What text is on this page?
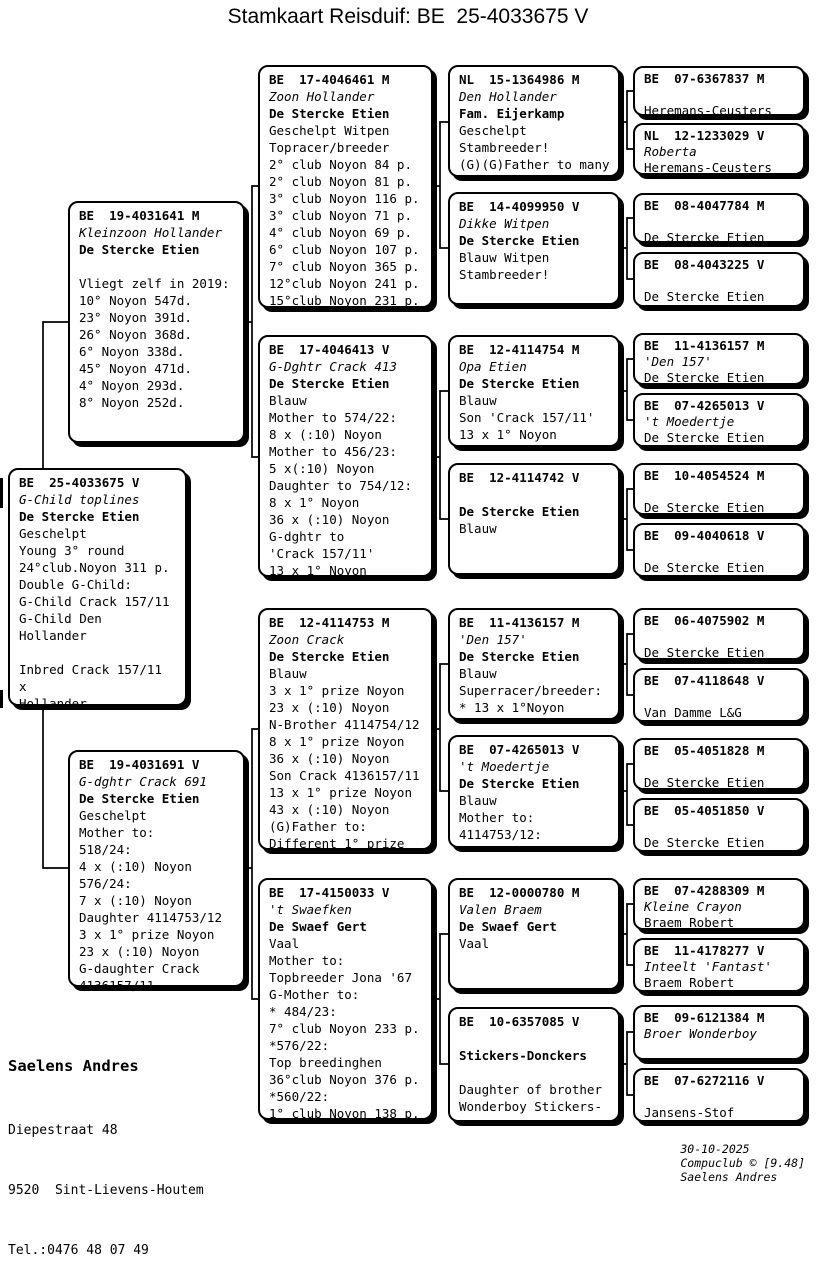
Stamkaart Reisduif: BE  25-4033675 V
BE  25-4033675 V
G-Child toplines
De Stercke Etien
Geschelpt
Young 3° round
24°club.Noyon 311 p.
Double G-Child:
G-Child Crack 157/11
G-Child Den
Hollander
Inbred Crack 157/11
x
Hollander -
BE  19-4031641 M
Kleinzoon Hollander
De Stercke Etien
Vliegt zelf in 2019:
10° Noyon 547d.
23° Noyon 391d.
26° Noyon 368d.
6° Noyon 338d.
45° Noyon 471d.
4° Noyon 293d.
8° Noyon 252d.
BE  19-4031691 V
G-dghtr Crack 691
De Stercke Etien
Geschelpt
Mother to:
518/24:
4 x (:10) Noyon
576/24:
7 x (:10) Noyon
Daughter 4114753/12
3 x 1° prize Noyon
23 x (:10) Noyon
G-daughter Crack
4136157/11
BE  17-4046461 M
Zoon Hollander
De Stercke Etien
Geschelpt Witpen
Topracer/breeder
2° club Noyon 84 p.
2° club Noyon 81 p.
3° club Noyon 116 p.
3° club Noyon 71 p.
4° club Noyon 69 p.
6° club Noyon 107 p.
7° club Noyon 365 p.
12°club Noyon 241 p.
15°club Noyon 231 p.
BE  17-4046413 V
G-Dghtr Crack 413
De Stercke Etien
Blauw
Mother to 574/22:
8 x (:10) Noyon
Mother to 456/23:
5 x(:10) Noyon
Daughter to 754/12:
8 x 1° Noyon
36 x (:10) Noyon
G-dghtr to
'Crack 157/11'
13 x 1° Noyon
BE  12-4114753 M
Zoon Crack
De Stercke Etien
Blauw
3 x 1° prize Noyon
23 x (:10) Noyon
N-Brother 4114754/12
8 x 1° prize Noyon
36 x (:10) Noyon
Son Crack 4136157/11
13 x 1° prize Noyon
43 x (:10) Noyon
(G)Father to:
Different 1° prize
BE  17-4150033 V
't Swaefken
De Swaef Gert
Vaal
Mother to:
Topbreeder Jona '67
G-Mother to:
* 484/23:
7° club Noyon 233 p.
*576/22:
Top breedinghen
36°club Noyon 376 p.
*560/22:
1° club Noyon 138 p.
NL  15-1364986 M
Den Hollander
Fam. Eijerkamp
Geschelpt
Stambreeder!
(G)(G)Father to many
BE  14-4099950 V
Dikke Witpen
De Stercke Etien
Blauw Witpen
Stambreeder!
BE  12-4114754 M
Opa Etien
De Stercke Etien
Blauw
Son 'Crack 157/11'
13 x 1° Noyon
BE  12-4114742 V
De Stercke Etien
Blauw
BE  11-4136157 M
'Den 157'
De Stercke Etien
Blauw
Superracer/breeder:
* 13 x 1°Noyon
BE  07-4265013 V
't Moedertje
De Stercke Etien
Blauw
Mother to:
4114753/12:
BE  12-0000780 M
Valen Braem
De Swaef Gert
Vaal
BE  10-6357085 V
Stickers-Donckers
Daughter of brother
Wonderboy Stickers-
BE  07-6367837 M
Heremans-Ceusters
NL  12-1233029 V
Roberta
Heremans-Ceusters
BE  08-4047784 M
De Stercke Etien
BE  08-4043225 V
De Stercke Etien
BE  11-4136157 M
'Den 157'
De Stercke Etien
BE  07-4265013 V
't Moedertje
De Stercke Etien
BE  10-4054524 M
De Stercke Etien
BE  09-4040618 V
De Stercke Etien
BE  06-4075902 M
De Stercke Etien
BE  07-4118648 V
Van Damme L&G
BE  05-4051828 M
De Stercke Etien
BE  05-4051850 V
De Stercke Etien
BE  07-4288309 M
Kleine Crayon
Braem Robert
BE  11-4178277 V
Inteelt 'Fantast'
Braem Robert
BE  09-6121384 M
Broer Wonderboy
BE  07-6272116 V
Jansens-Stof

Saelens Andres

Diepestraat 48

9520  Sint-Lievens-Houtem

Tel.:0476 48 07 49

30-10-2025
Compuclub © [9.48]
Saelens Andres
